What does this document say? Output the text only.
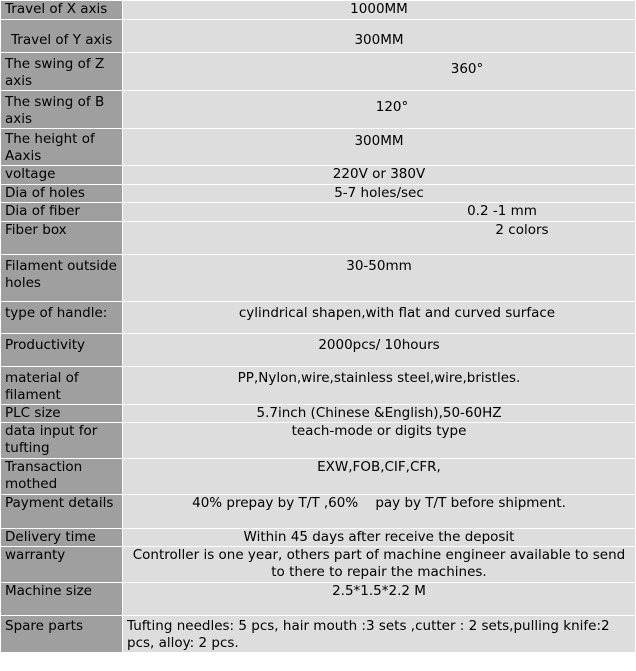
Travel of X axis	1000MM
Travel of Y axis	300MM
The swing of Z axis	360°
The swing of B axis	120°
The height of Aaxis	300MM
voltage	220V or 380V
Dia of holes	5-7 holes/sec
Dia of fiber	0.2 -1 mm
Fiber box	2 colors
Filament outside holes	30-50mm
type of handle:	cylindrical shapen,with flat and curved surface
Productivity	2000pcs/ 10hours
material of filament	PP,Nylon,wire,stainless steel,wire,bristles.
PLC size	5.7inch (Chinese &English),50-60HZ
data input for tufting	teach-mode or digits type
Transaction mothed	EXW,FOB,CIF,CFR,
Payment details	40% prepay by T/T ,60%    pay by T/T before shipment.
Delivery time	Within 45 days after receive the deposit
warranty	Controller is one year, others part of machine engineer available to send to there to repair the machines.
Machine size	2.5*1.5*2.2 M
Spare parts	Tufting needles: 5 pcs, hair mouth :3 sets ,cutter : 2 sets,pulling knife:2 pcs, alloy: 2 pcs.
